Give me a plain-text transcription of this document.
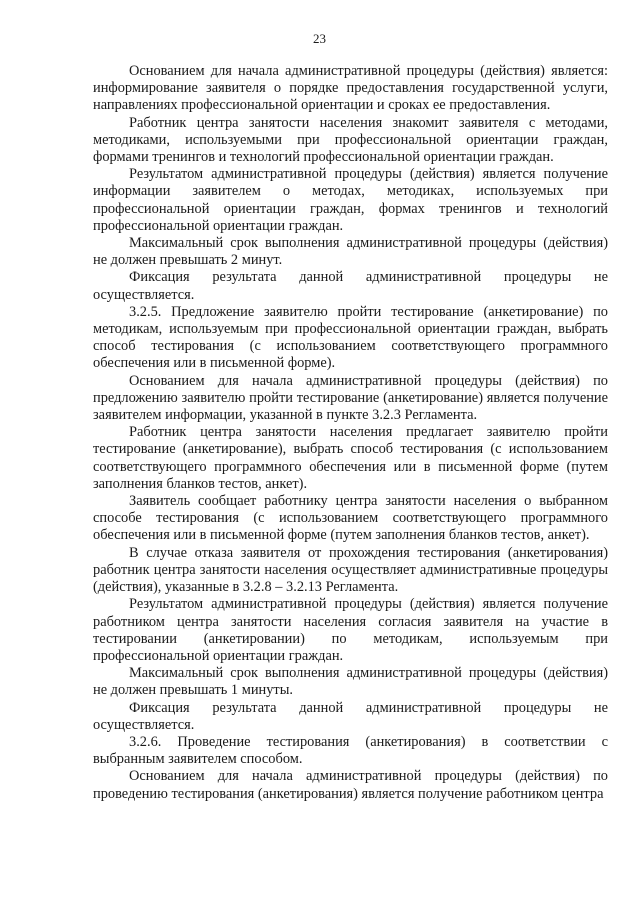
23

Основанием для начала административной процедуры (действия) является: информирование заявителя о порядке предоставления государственной услуги, направлениях профессиональной ориентации и сроках ее предоставления.

Работник центра занятости населения знакомит заявителя с методами, методиками, используемыми при профессиональной ориентации граждан, формами тренингов и технологий профессиональной ориентации граждан.

Результатом административной процедуры (действия) является получение информации заявителем о методах, методиках, используемых при профессиональной ориентации граждан, формах тренингов и технологий профессиональной ориентации граждан.

Максимальный срок выполнения административной процедуры (действия) не должен превышать 2 минут.

Фиксация результата данной административной процедуры не осуществляется.

3.2.5. Предложение заявителю пройти тестирование (анкетирование) по методикам, используемым при профессиональной ориентации граждан, выбрать способ тестирования (с использованием соответствующего программного обеспечения или в письменной форме).

Основанием для начала административной процедуры (действия) по предложению заявителю пройти тестирование (анкетирование) является получение заявителем информации, указанной в пункте 3.2.3 Регламента.

Работник центра занятости населения предлагает заявителю пройти тестирование (анкетирование), выбрать способ тестирования (с использованием соответствующего программного обеспечения или в письменной форме (путем заполнения бланков тестов, анкет).

Заявитель сообщает работнику центра занятости населения о выбранном способе тестирования (с использованием соответствующего программного обеспечения или в письменной форме (путем заполнения бланков тестов, анкет).

В случае отказа заявителя от прохождения тестирования (анкетирования) работник центра занятости населения осуществляет административные процедуры (действия), указанные в 3.2.8 – 3.2.13 Регламента.

Результатом административной процедуры (действия) является получение работником центра занятости населения согласия заявителя на участие в тестировании (анкетировании) по методикам, используемым при профессиональной ориентации граждан.

Максимальный срок выполнения административной процедуры (действия) не должен превышать 1 минуты.

Фиксация результата данной административной процедуры не осуществляется.

3.2.6. Проведение тестирования (анкетирования) в соответствии с выбранным заявителем способом.

Основанием для начала административной процедуры (действия) по проведению тестирования (анкетирования) является получение работником центра
